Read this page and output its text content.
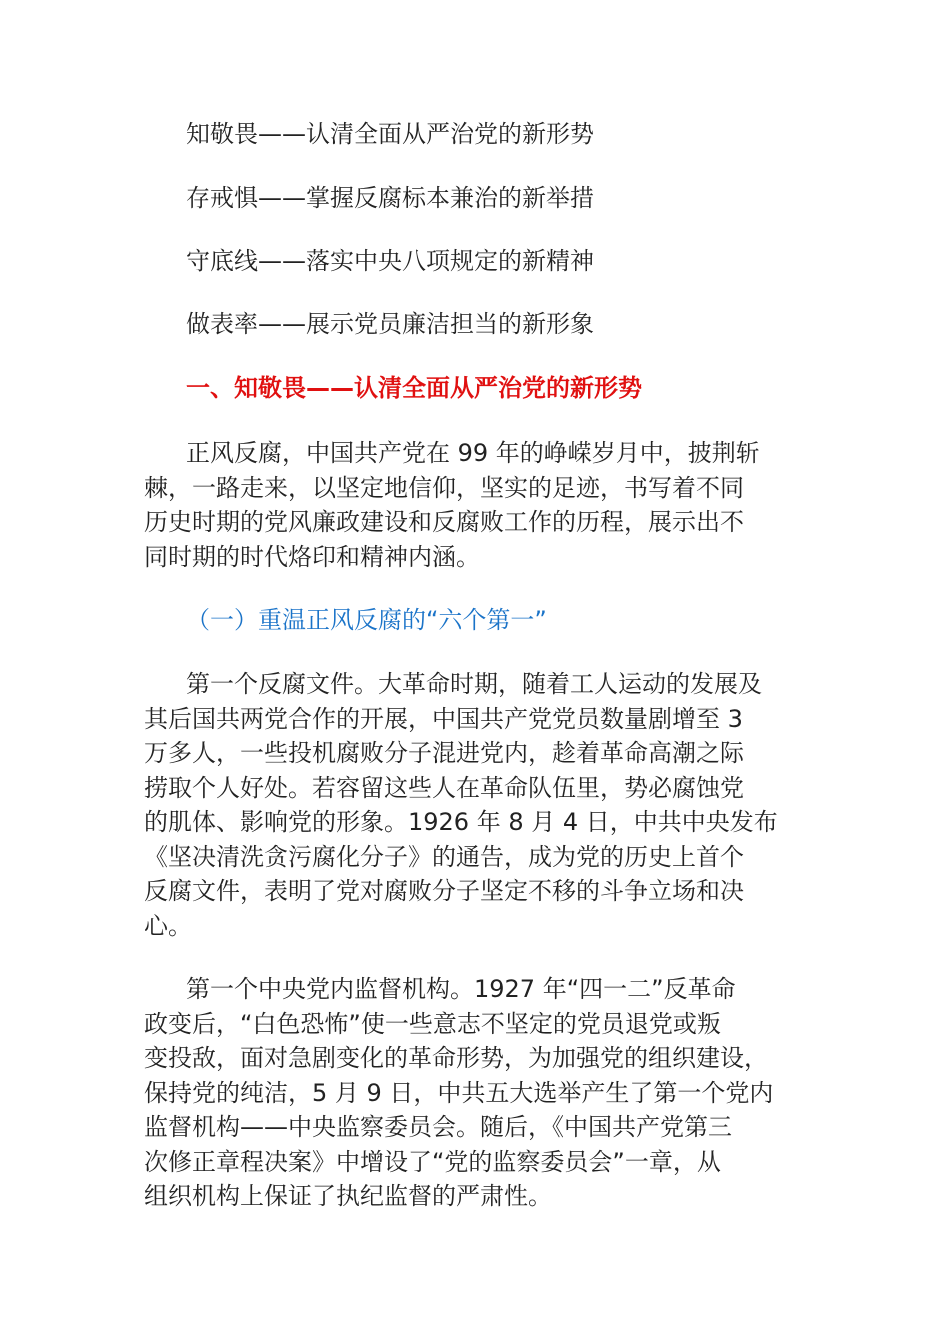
知敬畏——认清全面从严治党的新形势
存戒惧——掌握反腐标本兼治的新举措
守底线——落实中央八项规定的新精神
做表率——展示党员廉洁担当的新形象
一、知敬畏——认清全面从严治党的新形势
正风反腐，中国共产党在 99 年的峥嵘岁月中，披荆斩
棘，一路走来，以坚定地信仰，坚实的足迹，书写着不同
历史时期的党风廉政建设和反腐败工作的历程，展示出不
同时期的时代烙印和精神内涵。
（一）重温正风反腐的“六个第一”
第一个反腐文件。大革命时期，随着工人运动的发展及
其后国共两党合作的开展，中国共产党党员数量剧增至 3
万多人，一些投机腐败分子混进党内，趁着革命高潮之际
捞取个人好处。若容留这些人在革命队伍里，势必腐蚀党
的肌体、影响党的形象。1926 年 8 月 4 日，中共中央发布
《坚决清洗贪污腐化分子》的通告，成为党的历史上首个
反腐文件，表明了党对腐败分子坚定不移的斗争立场和决
心。
第一个中央党内监督机构。1927 年“四一二”反革命
政变后，“白色恐怖”使一些意志不坚定的党员退党或叛
变投敌，面对急剧变化的革命形势，为加强党的组织建设，
保持党的纯洁，5 月 9 日，中共五大选举产生了第一个党内
监督机构——中央监察委员会。随后，《中国共产党第三
次修正章程决案》中增设了“党的监察委员会”一章，从
组织机构上保证了执纪监督的严肃性。
